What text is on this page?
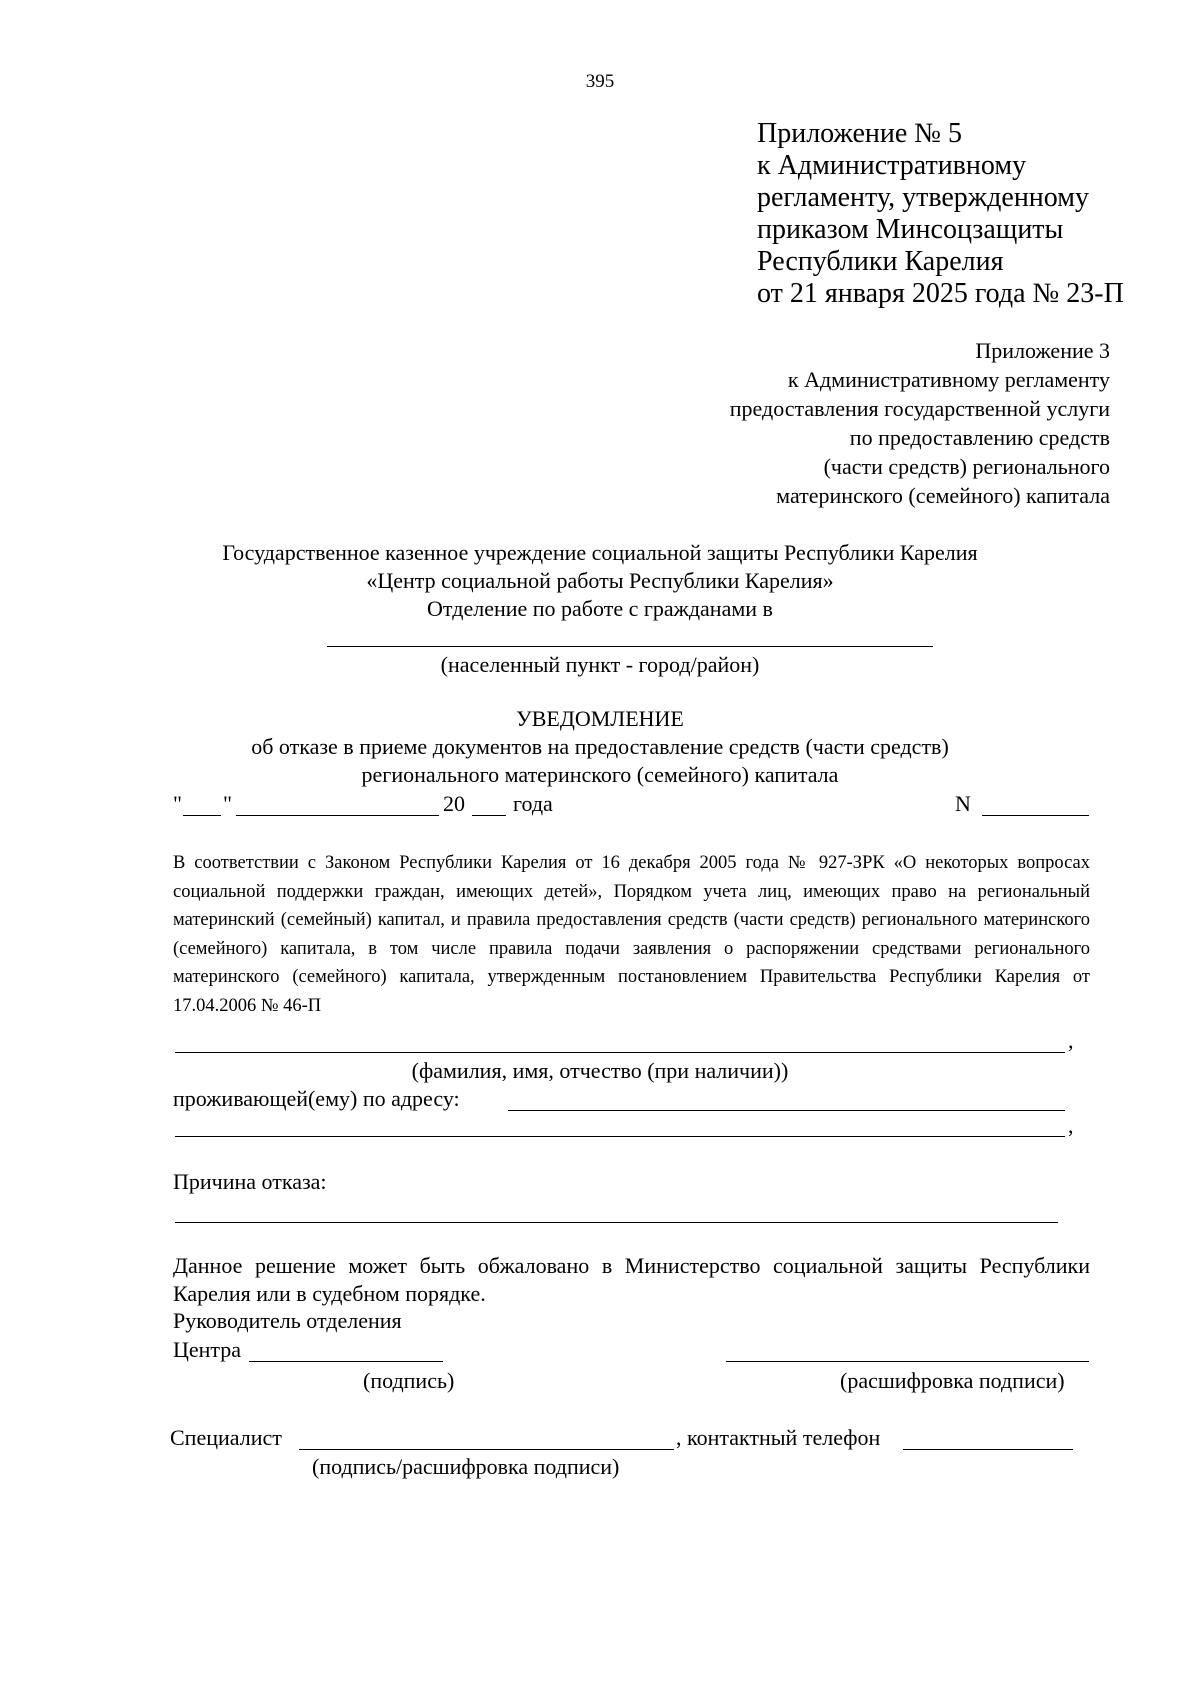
395
Приложение № 5
к Административному
регламенту, утвержденному
приказом Минсоцзащиты
Республики Карелия
от 21 января 2025 года № 23-П
Приложение 3
к Административному регламенту
предоставления государственной услуги
по предоставлению средств
(части средств) регионального
материнского (семейного) капитала
Государственное казенное учреждение социальной защиты Республики Карелия
«Центр социальной работы Республики Карелия»
Отделение по работе с гражданами в
(населенный пункт - город/район)
УВЕДОМЛЕНИЕ
об отказе в приеме документов на предоставление средств (части средств)
регионального материнского (семейного) капитала
" "	20 года	N
В соответствии с Законом Республики Карелия от 16 декабря 2005 года № 927-ЗРК «О некоторых вопросах социальной поддержки граждан, имеющих детей», Порядком учета лиц, имеющих право на региональный материнский (семейный) капитал, и правила предоставления средств (части средств) регионального материнского (семейного) капитала, в том числе правила подачи заявления о распоряжении средствами регионального материнского (семейного) капитала, утвержденным постановлением Правительства Республики Карелия от 17.04.2006 № 46-П
,
(фамилия, имя, отчество (при наличии))
проживающей(ему) по адресу:
,
Причина отказа:
Данное решение может быть обжаловано в Министерство социальной защиты Республики Карелия или в судебном порядке.
Руководитель отделения
Центра
(подпись)	(расшифровка подписи)
Специалист	, контактный телефон
(подпись/расшифровка подписи)
